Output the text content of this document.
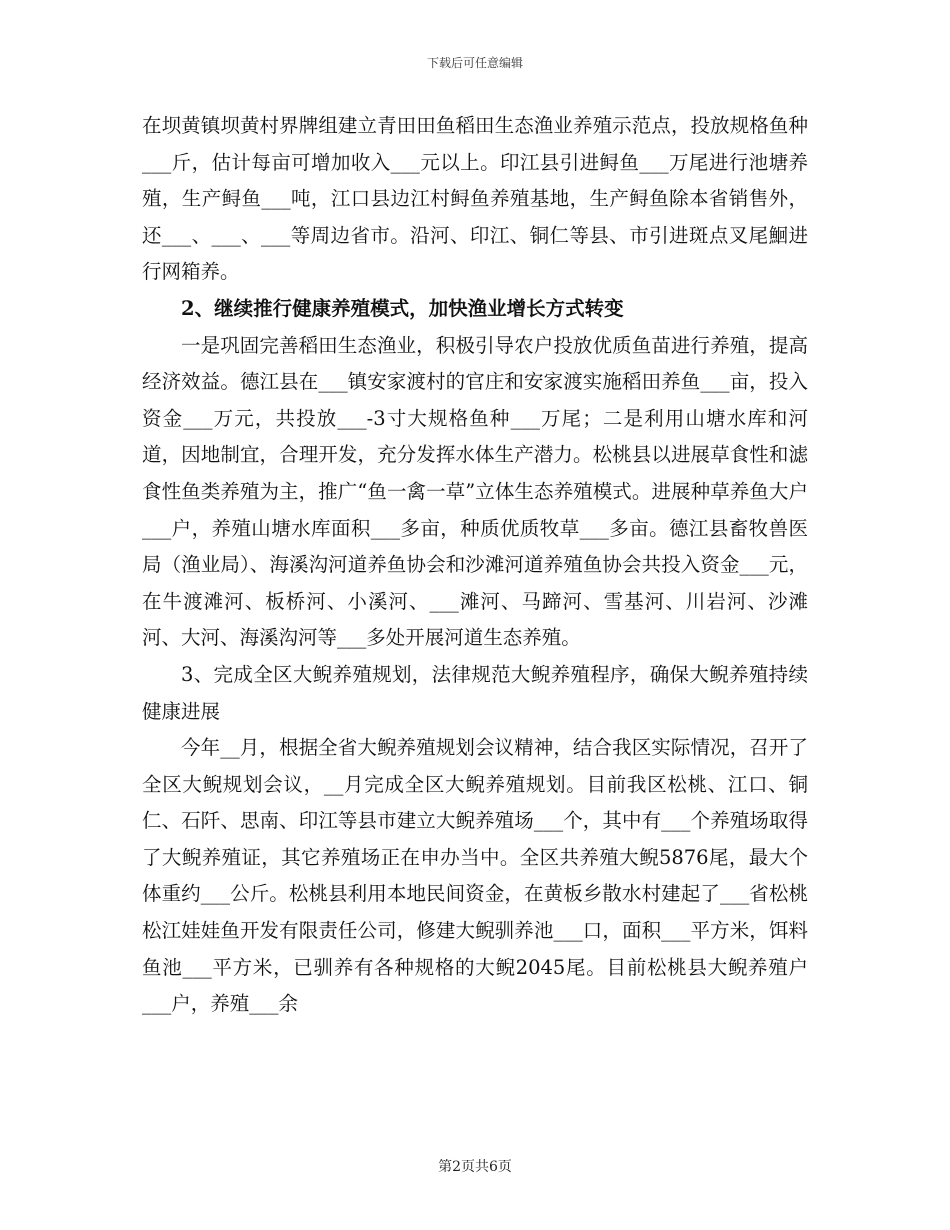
下载后可任意编辑

在坝黄镇坝黄村界牌组建立青田田鱼稻田生态渔业养殖示范点，投放规格鱼种___斤，估计每亩可增加收入___元以上。印江县引进鲟鱼___万尾进行池塘养殖，生产鲟鱼___吨，江口县边江村鲟鱼养殖基地，生产鲟鱼除本省销售外，还___、___、___等周边省市。沿河、印江、铜仁等县、市引进斑点叉尾鮰进行网箱养。

2、继续推行健康养殖模式，加快渔业增长方式转变

一是巩固完善稻田生态渔业，积极引导农户投放优质鱼苗进行养殖，提高经济效益。德江县在___镇安家渡村的官庄和安家渡实施稻田养鱼___亩，投入资金___万元，共投放___-3寸大规格鱼种___万尾；二是利用山塘水库和河道，因地制宜，合理开发，充分发挥水体生产潜力。松桃县以进展草食性和滤食性鱼类养殖为主，推广“鱼一禽一草”立体生态养殖模式。进展种草养鱼大户___户，养殖山塘水库面积___多亩，种质优质牧草___多亩。德江县畜牧兽医局（渔业局）、海溪沟河道养鱼协会和沙滩河道养殖鱼协会共投入资金___元，在牛渡滩河、板桥河、小溪河、___滩河、马蹄河、雪基河、川岩河、沙滩河、大河、海溪沟河等___多处开展河道生态养殖。

3、完成全区大鲵养殖规划，法律规范大鲵养殖程序，确保大鲵养殖持续健康进展

今年__月，根据全省大鲵养殖规划会议精神，结合我区实际情况，召开了全区大鲵规划会议，__月完成全区大鲵养殖规划。目前我区松桃、江口、铜仁、石阡、思南、印江等县市建立大鲵养殖场___个，其中有___个养殖场取得了大鲵养殖证，其它养殖场正在申办当中。全区共养殖大鲵5876尾，最大个体重约___公斤。松桃县利用本地民间资金，在黄板乡散水村建起了___省松桃松江娃娃鱼开发有限责任公司，修建大鲵驯养池___口，面积___平方米，饵料鱼池___平方米，已驯养有各种规格的大鲵2045尾。目前松桃县大鲵养殖户___户，养殖___余

第2页共6页
